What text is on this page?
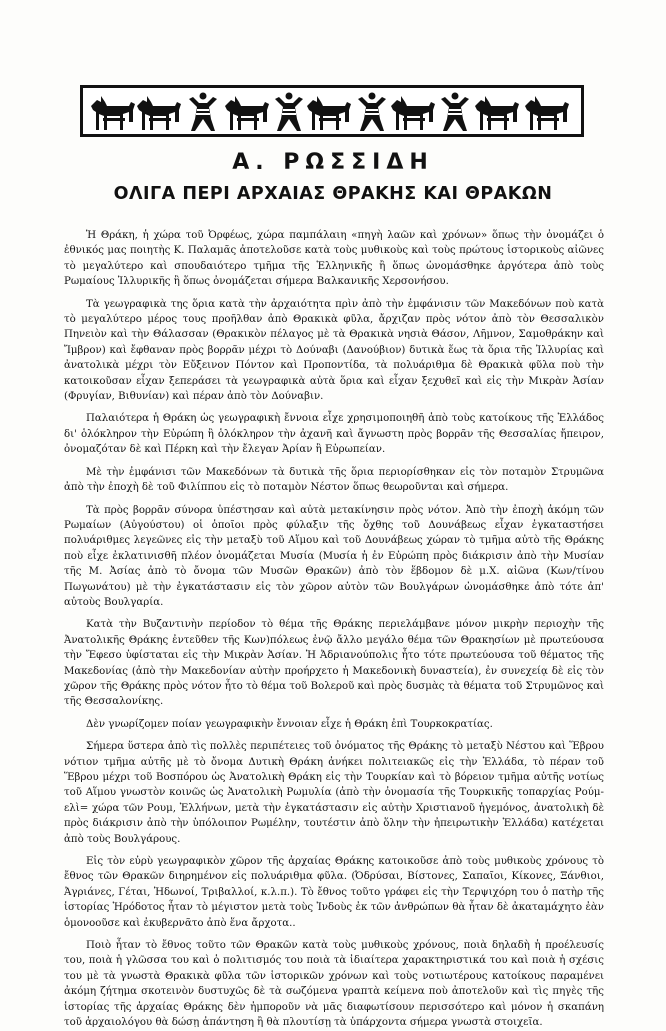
Α. ΡΩΣΣΙΔΗ
ΟΛΙΓΑ ΠΕΡΙ ΑΡΧΑΙΑΣ ΘΡΑΚΗΣ ΚΑΙ ΘΡΑΚΩΝ

Ἡ Θράκη, ἡ χώρα τοῦ Ὀρφέως, χώρα παμπάλαιη «πηγὴ λαῶν καὶ χρόνων» ὅπως τὴν ὀνομάζει ὁ ἐθνικός μας ποιητὴς Κ. Παλαμᾶς ἀποτελοῦσε κατὰ τοὺς μυθικοὺς καὶ τοὺς πρώτους ἱστορικοὺς αἰῶνες τὸ μεγαλύτερο καὶ σπουδαιότερο τμῆμα τῆς Ἑλληνικῆς ἢ ὅπως ὠνομάσθηκε ἀργότερα ἀπὸ τοὺς Ρωμαίους Ἰλλυρικῆς ἢ ὅπως ὀνομάζεται σήμερα Βαλκανικῆς Χερσονήσου.

Τὰ γεωγραφικὰ της ὅρια κατὰ τὴν ἀρχαιότητα πρὶν ἀπὸ τὴν ἐμφάνισιν τῶν Μακεδόνων ποὺ κατὰ τὸ μεγαλύτερο μέρος τους προῆλθαν ἀπὸ Θρακικὰ φῦλα, ἄρχιζαν πρὸς νότον ἀπὸ τὸν Θεσσαλικὸν Πηνειὸν καὶ τὴν Θάλασσαν (Θρακικὸν πέλαγος μὲ τὰ Θρακικὰ νησιὰ Θάσον, Λῆμνον, Σαμοθράκην καὶ Ἴμβρον) καὶ ἔφθαναν πρὸς βορρᾶν μέχρι τὸ Δούναβι (Δανούβιον) δυτικὰ ἕως τὰ ὅρια τῆς Ἰλλυρίας καὶ ἀνατολικὰ μέχρι τὸν Εὔξεινον Πόντον καὶ Προποντίδα, τὰ πολυάριθμα δὲ Θρακικὰ φῦλα ποὺ τὴν κατοικοῦσαν εἶχαν ξεπεράσει τὰ γεωγραφικὰ αὐτὰ ὅρια καὶ εἶχαν ξεχυθεῖ καὶ εἰς τὴν Μικρὰν Ἀσίαν (Φρυγίαν, Βιθυνίαν) καὶ πέραν ἀπὸ τὸν Δούναβιν.

Παλαιότερα ἡ Θράκη ὡς γεωγραφικὴ ἔννοια εἶχε χρησιμοποιηθῆ ἀπὸ τοὺς κατοίκους τῆς Ἑλλάδος δι' ὁλόκληρον τὴν Εὐρώπη ἢ ὁλόκληρον τὴν ἀχανῆ καὶ ἄγνωστη πρὸς βορρᾶν τῆς Θεσσαλίας ἤπειρον, ὀνομαζόταν δὲ καὶ Πέρκη καὶ τὴν ἔλεγαν Ἀρίαν ἢ Εὐρωπείαν.

Μὲ τὴν ἐμφάνισι τῶν Μακεδόνων τὰ δυτικὰ τῆς ὅρια περιορίσθηκαν εἰς τὸν ποταμὸν Στρυμῶνα ἀπὸ τὴν ἐποχὴ δὲ τοῦ Φιλίππου εἰς τὸ ποταμὸν Νέστον ὅπως θεωροῦνται καὶ σήμερα.

Τὰ πρὸς βορρᾶν σύνορα ὑπέστησαν καὶ αὐτὰ μετακίνησιν πρὸς νότον. Ἀπὸ τὴν ἐποχὴ ἀκόμη τῶν Ρωμαίων (Αὐγούστου) οἱ ὁποῖοι πρὸς φύλαξιν τῆς ὄχθης τοῦ Δουνάβεως εἶχαν ἐγκαταστήσει πολυάριθμες λεγεῶνες εἰς τὴν μεταξὺ τοῦ Αἵμου καὶ τοῦ Δουνάβεως χώραν τὸ τμῆμα αὐτὸ τῆς Θράκης ποὺ εἶχε ἐκλατινισθῆ πλέον ὀνομάζεται Μυσία (Μυσία ἡ ἐν Εὐρώπη πρὸς διάκρισιν ἀπὸ τὴν Μυσίαν τῆς Μ. Ἀσίας ἀπὸ τὸ ὄνομα τῶν Μυσῶν Θρακῶν) ἀπὸ τὸν ἕβδομον δὲ μ.Χ. αἰῶνα (Κων/τίνου Πωγωνάτου) μὲ τὴν ἐγκατάστασιν εἰς τὸν χῶρον αὐτὸν τῶν Βουλγάρων ὠνομάσθηκε ἀπὸ τότε ἀπ' αὐτοὺς Βουλγαρία.

Κατὰ τὴν Βυζαντινὴν περίοδον τὸ θέμα τῆς Θράκης περιελάμβανε μόνον μικρὴν περιοχὴν τῆς Ἀνατολικῆς Θράκης ἐντεῦθεν τῆς Κων)πόλεως ἐνῷ ἄλλο μεγάλο θέμα τῶν Θρακησίων μὲ πρωτεύουσα τὴν Ἔφεσο ὑφίσταται εἰς τὴν Μικρὰν Ἀσίαν. Ἡ Ἀδριανούπολις ἦτο τότε πρωτεύουσα τοῦ θέματος τῆς Μακεδονίας (ἀπὸ τὴν Μακεδονίαν αὐτὴν προήρχετο ἡ Μακεδονικὴ δυναστεία), ἐν συνεχείᾳ δὲ εἰς τὸν χῶρον τῆς Θράκης πρὸς νότον ἦτο τὸ θέμα τοῦ Βολεροῦ καὶ πρὸς δυσμὰς τὰ θέματα τοῦ Στρυμῶνος καὶ τῆς Θεσσαλονίκης.

Δὲν γνωρίζομεν ποίαν γεωγραφικὴν ἔννοιαν εἶχε ἡ Θράκη ἐπὶ Τουρκοκρατίας.

Σήμερα ὕστερα ἀπὸ τὶς πολλὲς περιπέτειες τοῦ ὀνόματος τῆς Θράκης τὸ μεταξὺ Νέστου καὶ Ἕβρου νότιον τμῆμα αὐτῆς μὲ τὸ ὄνομα Δυτικὴ Θράκη ἀνήκει πολιτειακῶς εἰς τὴν Ἑλλάδα, τὸ πέραν τοῦ Ἕβρου μέχρι τοῦ Βοσπόρου ὡς Ἀνατολικὴ Θράκη εἰς τὴν Τουρκίαν καὶ τὸ βόρειον τμῆμα αὐτῆς νοτίως τοῦ Αἵμου γνωστὸν κοινῶς ὡς Ἀνατολικὴ Ρωμυλία (ἀπὸ τὴν ὀνομασία τῆς Τουρκικῆς τοπαρχίας Ρούμ-ελὶ= χώρα τῶν Ρουμ, Ἑλλήνων, μετὰ τὴν ἐγκατάστασιν εἰς αὐτὴν Χριστιανοῦ ἡγεμόνος, ἀνατολικὴ δὲ πρὸς διάκρισιν ἀπὸ τὴν ὑπόλοιπον Ρωμέλην, τουτέστιν ἀπὸ ὅλην τὴν ἠπειρωτικὴν Ἑλλάδα) κατέχεται ἀπὸ τοὺς Βουλγάρους.

Εἰς τὸν εὐρὺ γεωγραφικὸν χῶρον τῆς ἀρχαίας Θράκης κατοικοῦσε ἀπὸ τοὺς μυθικοὺς χρόνους τὸ ἔθνος τῶν Θρακῶν διηρημένον εἰς πολυάριθμα φῦλα. (Ὀδρύσαι, Βίστονες, Σαπαῖοι, Κίκονες, Ξάνθιοι, Ἀγριάνες, Γέται, Ἠδωνοί, Τριβαλλοί, κ.λ.π.). Τὸ ἔθνος τοῦτο γράφει εἰς τὴν Τερψιχόρη του ὁ πατὴρ τῆς ἱστορίας Ἡρόδοτος ἦταν τὸ μέγιστον μετὰ τοὺς Ἰνδοὺς ἐκ τῶν ἀνθρώπων θὰ ἦταν δὲ ἀκαταμάχητο ἐὰν ὁμονοοῦσε καὶ ἐκυβερνᾶτο ἀπὸ ἕνα ἄρχοτα..

Ποιὸ ἦταν τὸ ἔθνος τοῦτο τῶν Θρακῶν κατὰ τοὺς μυθικοὺς χρόνους, ποιὰ δηλαδὴ ἡ προέλευσίς του, ποιὰ ἡ γλῶσσα του καὶ ὁ πολιτισμός του ποιὰ τὰ ἰδιαίτερα χαρακτηριστικά του καὶ ποιὰ ἡ σχέσις του μὲ τὰ γνωστὰ Θρακικὰ φῦλα τῶν ἱστορικῶν χρόνων καὶ τοὺς νοτιωτέρους κατοίκους παραμένει ἀκόμη ζήτημα σκοτεινὸν δυστυχῶς δὲ τὰ σωζόμενα γραπτὰ κείμενα ποὺ ἀποτελοῦν καὶ τὶς πηγὲς τῆς ἱστορίας τῆς ἀρχαίας Θράκης δὲν ἠμποροῦν νὰ μᾶς διαφωτίσουν περισσότερο καὶ μόνον ἡ σκαπάνη τοῦ ἀρχαιολόγου θὰ δώσῃ ἀπάντηση ἢ θὰ πλουτίσῃ τὰ ὑπάρχοντα σήμερα γνωστὰ στοιχεῖα.
